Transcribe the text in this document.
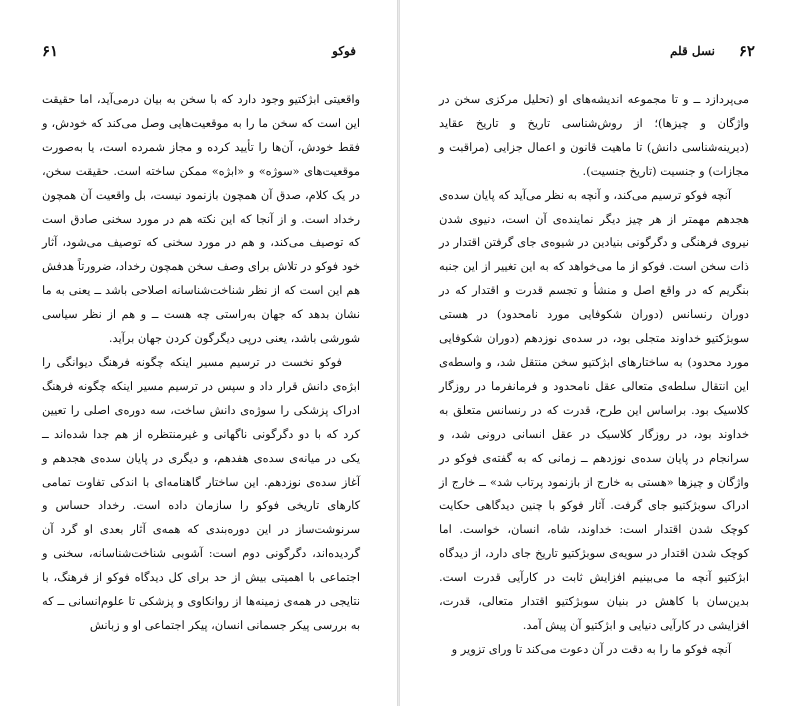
۶۱	فوکو

واقعیتی ابژکتیو وجود دارد که با سخن به بیان درمی‌آید، اما حقیقت این است که سخن ما را به موقعیت‌هایی وصل می‌کند که خودش، و فقط خودش، آن‌ها را تأیید کرده و مجاز شمرده است، یا به‌صورت موقعیت‌های «سوژه» و «ابژه» ممکن ساخته است. حقیقت سخن، در یک کلام، صدق آن همچون بازنمود نیست، بل واقعیت آن همچون رخداد است. و از آنجا که این نکته هم در مورد سخنی صادق است که توصیف می‌کند، و هم در مورد سخنی که توصیف می‌شود، آثار خود فوکو در تلاش برای وصف سخن همچون رخداد، ضرورتاً هدفش هم این است که از نظر شناخت‌شناسانه اصلاحی باشد ــ یعنی به ما نشان بدهد که جهان به‌راستی چه هست ــ و هم از نظر سیاسی شورشی باشد، یعنی درپی دیگرگون کردن جهان برآید.

فوکو نخست در ترسیم مسیر اینکه چگونه فرهنگ دیوانگی را ابژه‌ی دانش قرار داد و سپس در ترسیم مسیر اینکه چگونه فرهنگ ادراک پزشکی را سوژه‌ی دانش ساخت، سه دوره‌ی اصلی را تعیین کرد که با دو دگرگونی ناگهانی و غیرمنتظره از هم جدا شده‌اند ــ یکی در میانه‌ی سده‌ی هفدهم، و دیگری در پایان سده‌ی هجدهم و آغاز سده‌ی نوزدهم. این ساختار گاهنامه‌ای با اندکی تفاوت تمامی کارهای تاریخی فوکو را سازمان داده است. رخداد حساس و سرنوشت‌ساز در این دوره‌بندی که همه‌ی آثار بعدی او گرد آن گردیده‌اند، دگرگونی دوم است: آشوبی شناخت‌شناسانه، سخنی و اجتماعی با اهمیتی بیش از حد برای کل دیدگاه فوکو از فرهنگ، با نتایجی در همه‌ی زمینه‌ها از روانکاوی و پزشکی تا علوم‌انسانی ــ که به بررسی پیکر جسمانی انسان، پیکر اجتماعی او و زبانش

۶۲
نسل قلم

می‌پردازد ــ و تا مجموعه اندیشه‌های او (تحلیل مرکزی سخن در واژگان و چیزها)؛ از روش‌شناسی تاریخ و تاریخ عقاید (دیرینه‌شناسی دانش) تا ماهیت قانون و اعمال جزایی (مراقبت و مجازات) و جنسیت (تاریخ جنسیت).

آنچه فوکو ترسیم می‌کند، و آنچه به نظر می‌آید که پایان سده‌ی هجدهم مهمتر از هر چیز دیگر نماینده‌ی آن است، دنیوی شدن نیروی فرهنگی و دگرگونی بنیادین در شیوه‌ی جای گرفتن اقتدار در ذات سخن است. فوکو از ما می‌خواهد که به این تغییر از این جنبه بنگریم که در واقع اصل و منشأ و تجسم قدرت و اقتدار که در دوران رنسانس (دوران شکوفایی مورد نامحدود) در هستی سوبژکتیو خداوند متجلی بود، در سده‌ی نوزدهم (دوران شکوفایی مورد محدود) به ساختارهای ابژکتیو سخن منتقل شد، و واسطه‌ی این انتقال سلطه‌ی متعالی عقل نامحدود و فرمانفرما در روزگار کلاسیک بود. براساس این طرح، قدرت که در رنسانس متعلق به خداوند بود، در روزگار کلاسیک در عقل انسانی درونی شد، و سرانجام در پایان سده‌ی نوزدهم ــ زمانی که به گفته‌ی فوکو در واژگان و چیزها «هستی به خارج از بازنمود پرتاب شد» ــ خارج از ادراک سوبژکتیو جای گرفت. آثار فوکو با چنین دیدگاهی حکایت کوچک شدن اقتدار است: خداوند، شاه، انسان، خواست. اما کوچک شدن اقتدار در سویه‌ی سوبژکتیو تاریخ جای دارد، از دیدگاه ابژکتیو آنچه ما می‌بینیم افزایش ثابت در کارآیی قدرت است. بدین‌سان با کاهش در بنیان سوبژکتیو اقتدار متعالی، قدرت، افزایشی در کارآیی دنیایی و ابژکتیو آن پیش آمد.

آنچه فوکو ما را به دقت در آن دعوت می‌کند تا ورای تزویر و
